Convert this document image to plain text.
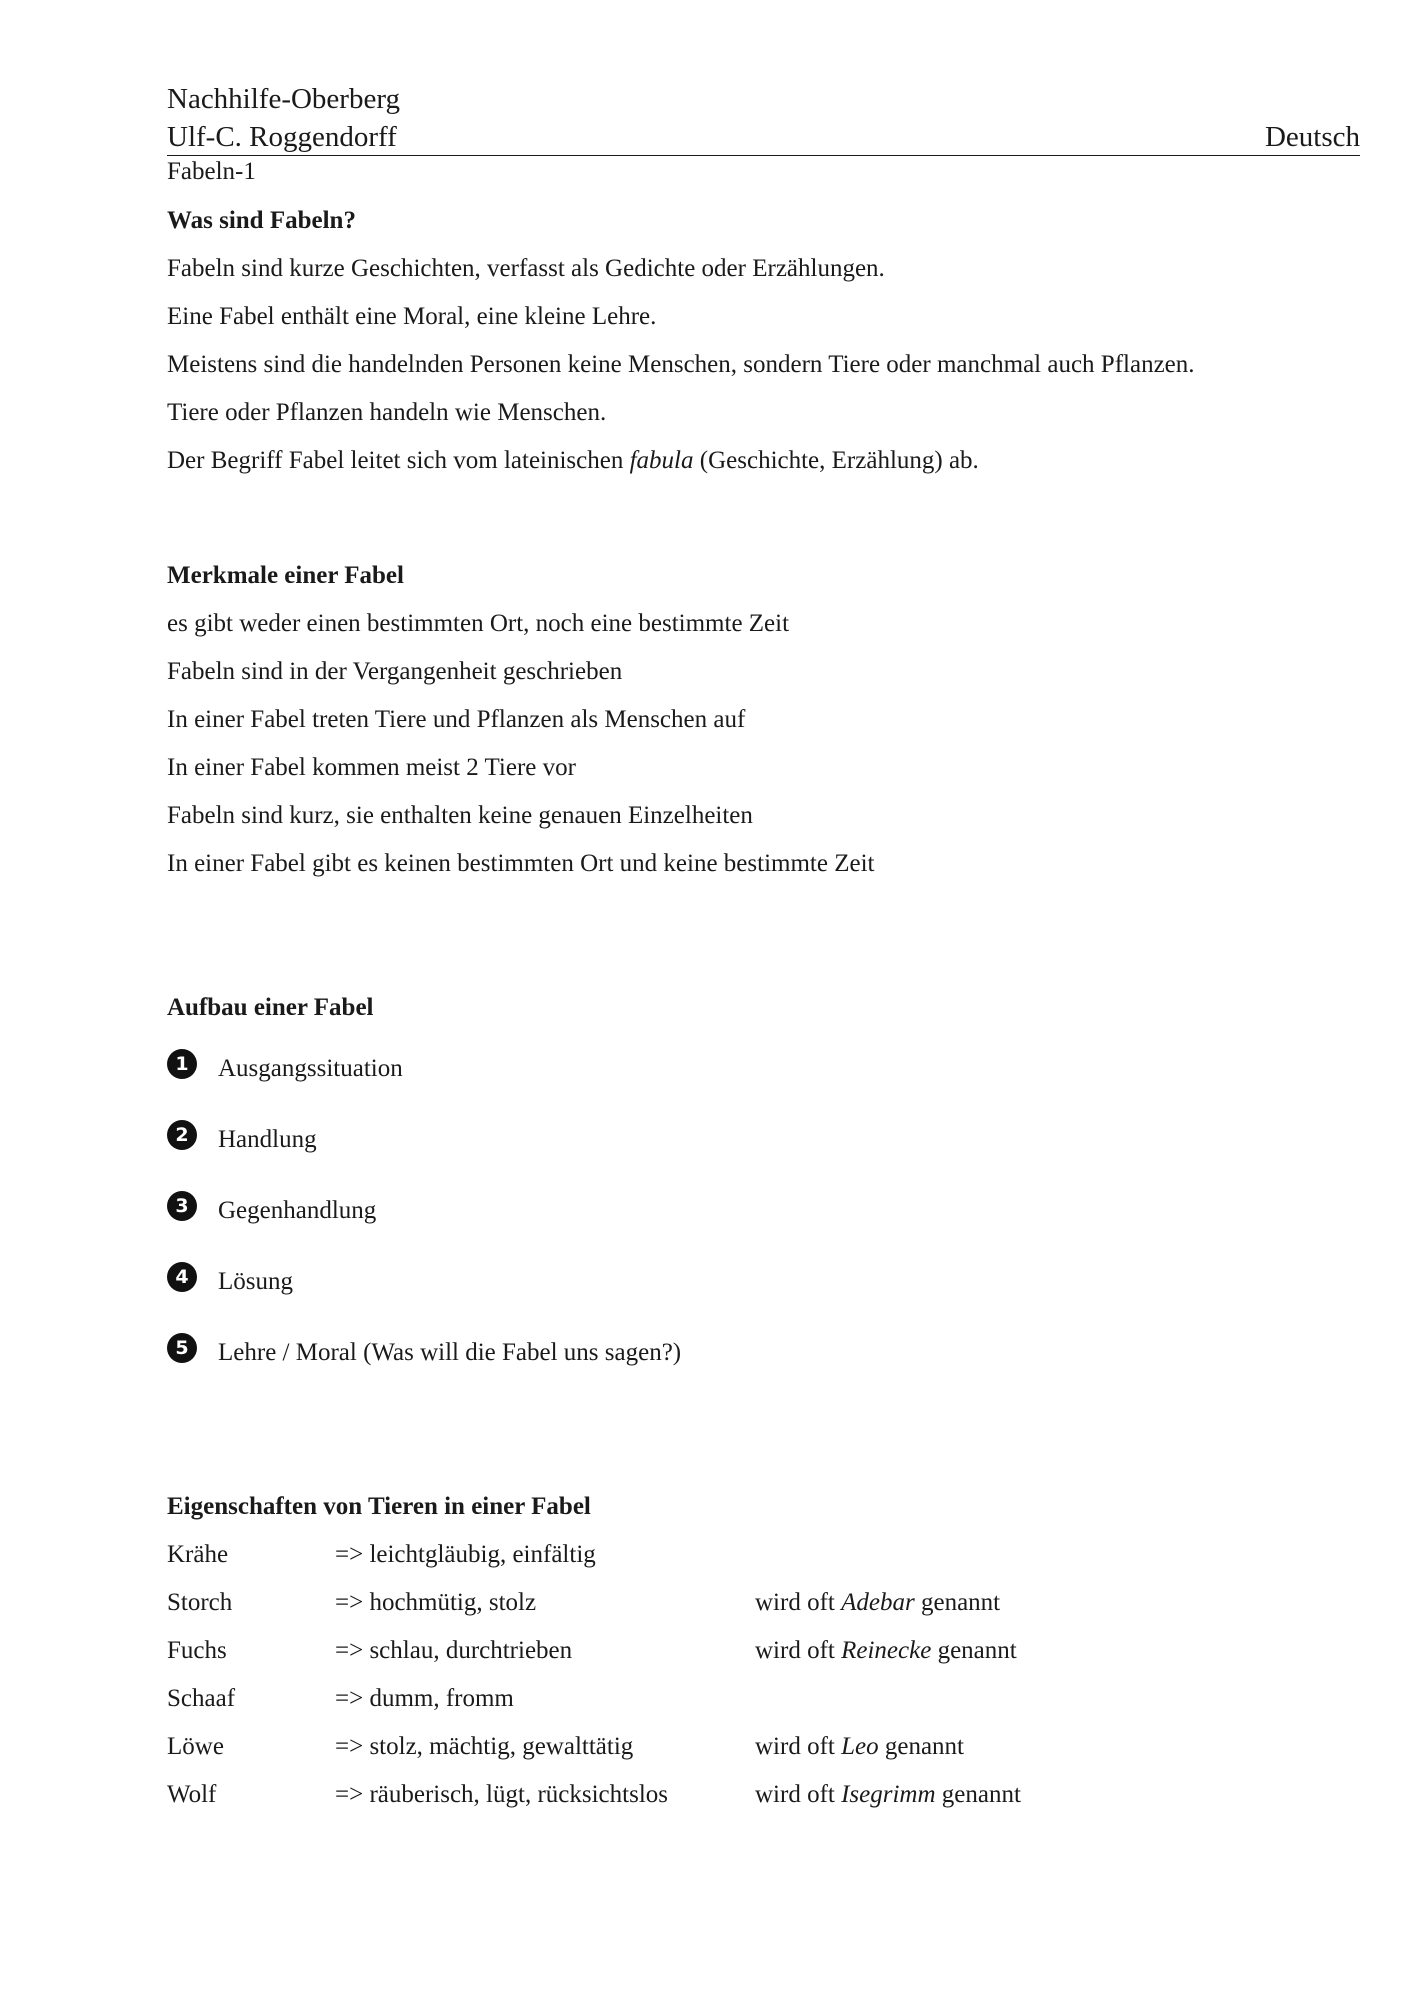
Nachhilfe-Oberberg
Ulf-C. Roggendorff	Deutsch
Fabeln-1
Was sind Fabeln?
Fabeln sind kurze Geschichten, verfasst als Gedichte oder Erzählungen.
Eine Fabel enthält eine Moral, eine kleine Lehre.
Meistens sind die handelnden Personen keine Menschen, sondern Tiere oder manchmal auch Pflanzen.
Tiere oder Pflanzen handeln wie Menschen.
Der Begriff Fabel leitet sich vom lateinischen fabula (Geschichte, Erzählung) ab.
Merkmale einer Fabel
es gibt weder einen bestimmten Ort, noch eine bestimmte Zeit
Fabeln sind in der Vergangenheit geschrieben
In einer Fabel treten Tiere und Pflanzen als Menschen auf
In einer Fabel kommen meist 2 Tiere vor
Fabeln sind kurz, sie enthalten keine genauen Einzelheiten
In einer Fabel gibt es keinen bestimmten Ort und keine bestimmte Zeit
Aufbau einer Fabel
1 Ausgangssituation
2 Handlung
3 Gegenhandlung
4 Lösung
5 Lehre / Moral (Was will die Fabel uns sagen?)
Eigenschaften von Tieren in einer Fabel
Krähe	=> leichtgläubig, einfältig
Storch	=> hochmütig, stolz	wird oft Adebar genannt
Fuchs	=> schlau, durchtrieben	wird oft Reinecke genannt
Schaaf	=> dumm, fromm
Löwe	=> stolz, mächtig, gewalttätig	wird oft Leo genannt
Wolf	=> räuberisch, lügt, rücksichtslos	wird oft Isegrimm genannt
